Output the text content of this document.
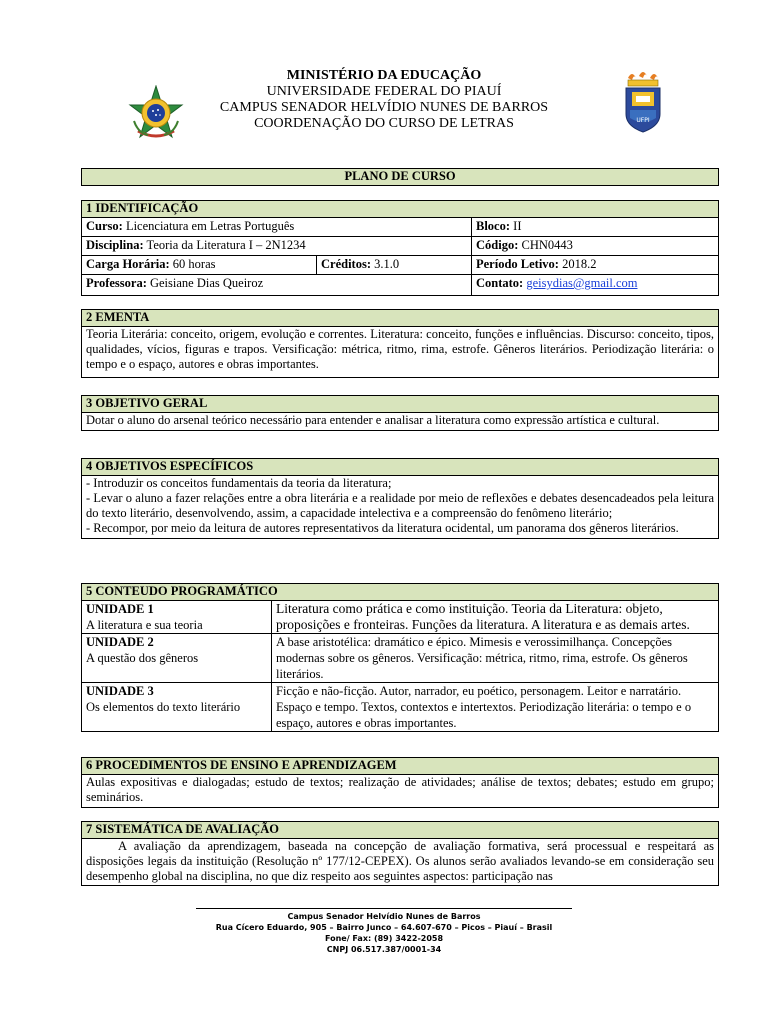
UFPI
MINISTÉRIO DA EDUCAÇÃO
UNIVERSIDADE FEDERAL DO PIAUÍ
CAMPUS SENADOR HELVÍDIO NUNES DE BARROS
COORDENAÇÃO DO CURSO DE LETRAS
PLANO DE CURSO
1 IDENTIFICAÇÃO
Curso: Licenciatura em Letras Português		Bloco: II
Disciplina: Teoria da Literatura I – 2N1234		Código: CHN0443
Carga Horária: 60 horas	Créditos: 3.1.0	Período Letivo: 2018.2
Professora: Geisiane Dias Queiroz		Contato: geisydias@gmail.com
2 EMENTA
Teoria Literária: conceito, origem, evolução e correntes. Literatura: conceito, funções e influências. Discurso: conceito, tipos, qualidades, vícios, figuras e trapos. Versificação: métrica, ritmo, rima, estrofe. Gêneros literários. Periodização literária: o tempo e o espaço, autores e obras importantes.
3 OBJETIVO GERAL
Dotar o aluno do arsenal teórico necessário para entender e analisar a literatura como expressão artística e cultural.
4 OBJETIVOS ESPECÍFICOS
- Introduzir os conceitos fundamentais da teoria da literatura;
- Levar o aluno a fazer relações entre a obra literária e a realidade por meio de reflexões e debates desencadeados pela leitura do texto literário, desenvolvendo, assim, a capacidade intelectiva e a compreensão do fenômeno literário;
- Recompor, por meio da leitura de autores representativos da literatura ocidental, um panorama dos gêneros literários.
5 CONTEUDO PROGRAMÁTICO
UNIDADE 1
A literatura e sua teoria	Literatura como prática e como instituição. Teoria da Literatura: objeto, proposições e fronteiras. Funções da literatura. A literatura e as demais artes.
UNIDADE 2
A questão dos gêneros	A base aristotélica: dramático e épico. Mimesis e verossimilhança. Concepções modernas sobre os gêneros. Versificação: métrica, ritmo, rima, estrofe. Os gêneros literários.
UNIDADE 3
Os elementos do texto literário	Ficção e não-ficção. Autor, narrador, eu poético, personagem. Leitor e narratário. Espaço e tempo. Textos, contextos e intertextos. Periodização literária: o tempo e o espaço, autores e obras importantes.
6 PROCEDIMENTOS DE ENSINO E APRENDIZAGEM
Aulas expositivas e dialogadas; estudo de textos; realização de atividades; análise de textos; debates; estudo em grupo; seminários.
7 SISTEMÁTICA DE AVALIAÇÃO
A avaliação da aprendizagem, baseada na concepção de avaliação formativa, será processual e respeitará as disposições legais da instituição (Resolução nº 177/12-CEPEX). Os alunos serão avaliados levando-se em consideração seu desempenho global na disciplina, no que diz respeito aos seguintes aspectos: participação nas
Campus Senador Helvídio Nunes de Barros
Rua Cícero Eduardo, 905 – Bairro Junco – 64.607-670 – Picos – Piauí – Brasil
Fone/ Fax: (89) 3422-2058
CNPJ 06.517.387/0001-34
